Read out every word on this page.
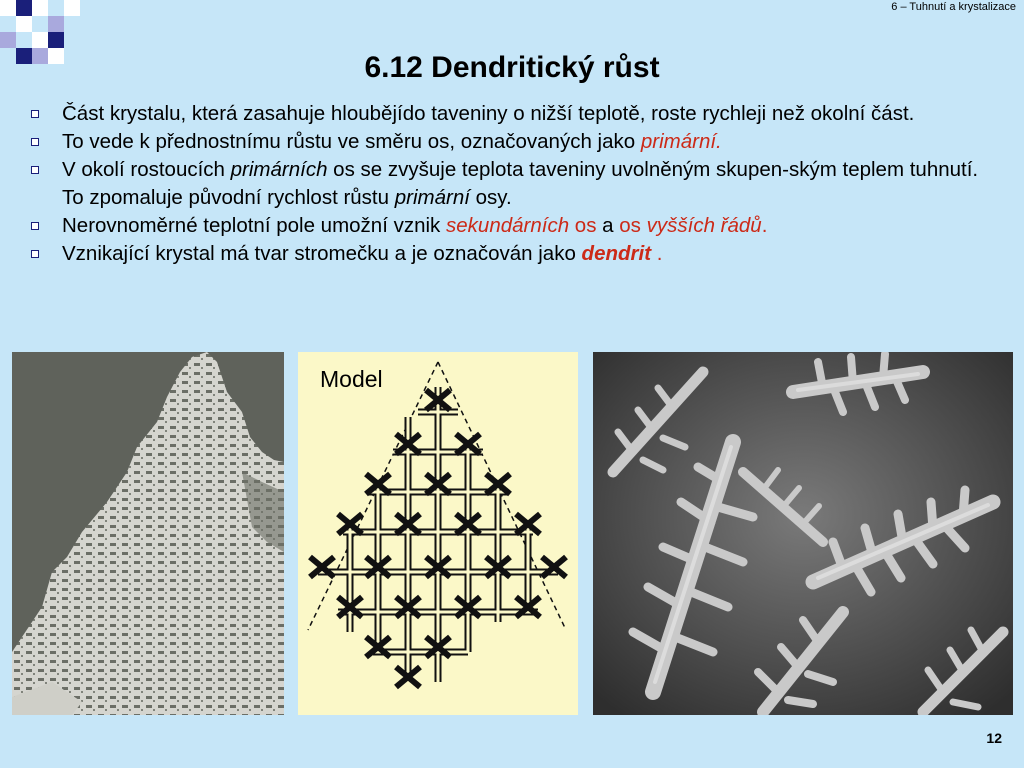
6 – Tuhnutí a krystalizace
6.12 Dendritický růst
Část krystalu, která zasahuje hloubějído taveniny o nižší teplotě, roste rychleji než okolní část.
To vede k přednostnímu růstu ve směru os, označovaných jako primární.
V okolí rostoucích primárních os se zvyšuje teplota taveniny uvolněným skupen-ským teplem tuhnutí. To zpomaluje původní rychlost růstu primární osy.
Nerovnoměrné teplotní pole umožní vznik sekundárních os a os vyšších řádů.
Vznikající krystal má tvar stromečku a je označován jako dendrit .
Model
12
